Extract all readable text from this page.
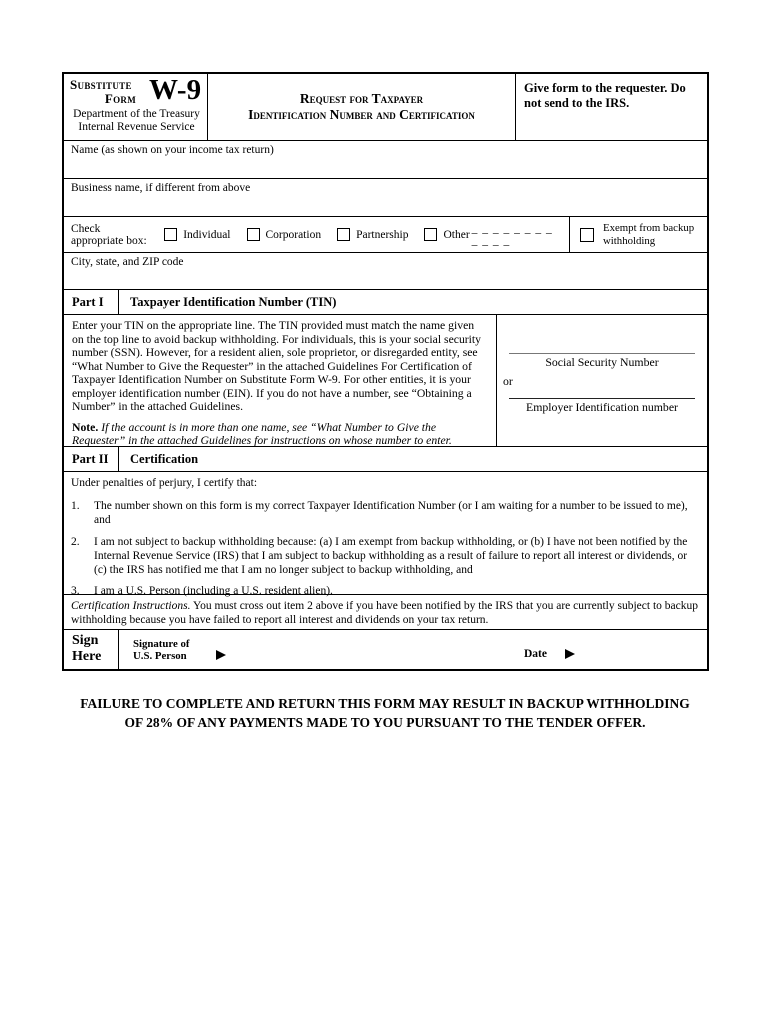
Substitute
Form W-9
Department of the Treasury
Internal Revenue Service
Request for Taxpayer
Identification Number and Certification
Give form to the requester. Do not send to the IRS.
Name (as shown on your income tax return)
Business name, if different from above
Check appropriate box:	Individual	Corporation	Partnership	Other _ _ _ _ _ _ _ _ _ _ _ _
Exempt from backup withholding
City, state, and ZIP code
Part I	Taxpayer Identification Number (TIN)
Enter your TIN on the appropriate line. The TIN provided must match the name given on the top line to avoid backup withholding. For individuals, this is your social security number (SSN). However, for a resident alien, sole proprietor, or disregarded entity, see “What Number to Give the Requester” in the attached Guidelines For Certification of Taxpayer Identification Number on Substitute Form W-9. For other entities, it is your employer identification number (EIN). If you do not have a number, see “Obtaining a Number” in the attached Guidelines.
Note. If the account is in more than one name, see “What Number to Give the Requester” in the attached Guidelines for instructions on whose number to enter.
Social Security Number
or
Employer Identification number
Part II	Certification
Under penalties of perjury, I certify that:
1.	The number shown on this form is my correct Taxpayer Identification Number (or I am waiting for a number to be issued to me), and
2.	I am not subject to backup withholding because: (a) I am exempt from backup withholding, or (b) I have not been notified by the Internal Revenue Service (IRS) that I am subject to backup withholding as a result of failure to report all interest or dividends, or (c) the IRS has notified me that I am no longer subject to backup withholding, and
3.	I am a U.S. Person (including a U.S. resident alien).
Certification Instructions. You must cross out item 2 above if you have been notified by the IRS that you are currently subject to backup withholding because you have failed to report all interest and dividends on your tax return.
Sign
Here
Signature of
U.S. Person	Date
FAILURE TO COMPLETE AND RETURN THIS FORM MAY RESULT IN BACKUP WITHHOLDING
OF 28% OF ANY PAYMENTS MADE TO YOU PURSUANT TO THE TENDER OFFER.
